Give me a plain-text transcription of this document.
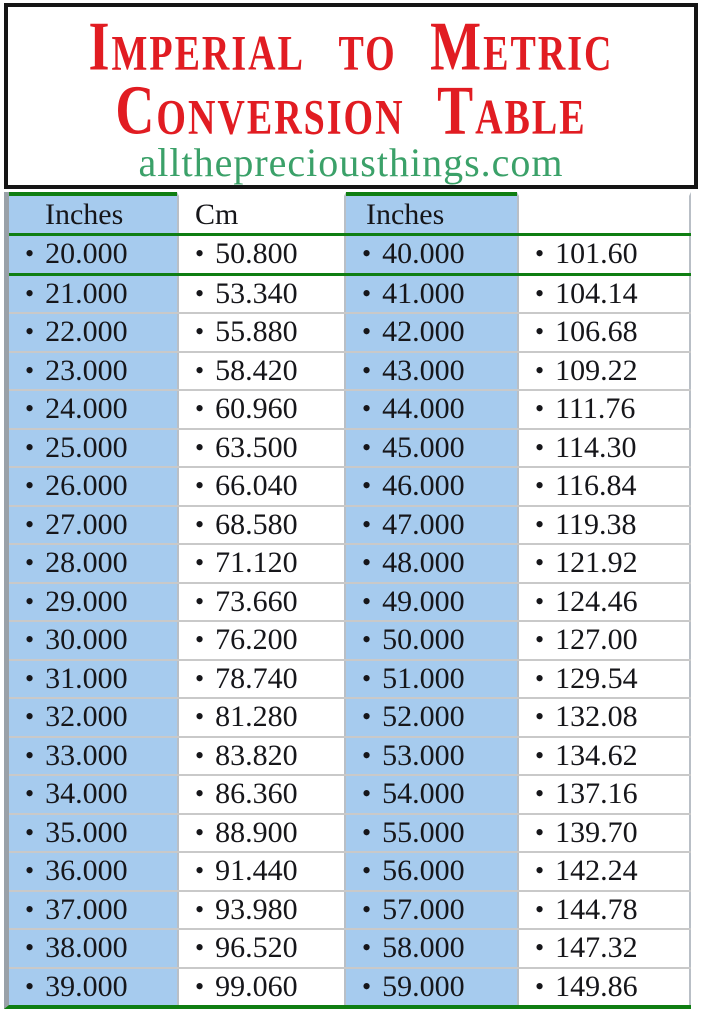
Imperial to Metric
Conversion Table
allthepreciousthings.com
Inches	Cm	Inches
• 20.000	• 50.800 • 40.000	• 101.60
• 21.000	• 53.340 • 41.000	• 104.14
• 22.000	• 55.880 • 42.000	• 106.68
• 23.000	• 58.420 • 43.000	• 109.22
• 24.000	• 60.960 • 44.000	• 111.76
• 25.000	• 63.500 • 45.000	• 114.30
• 26.000	• 66.040 • 46.000	• 116.84
• 27.000	• 68.580 • 47.000	• 119.38
• 28.000	• 71.120 • 48.000	• 121.92
• 29.000	• 73.660 • 49.000	• 124.46
• 30.000	• 76.200 • 50.000	• 127.00
• 31.000	• 78.740 • 51.000	• 129.54
• 32.000	• 81.280 • 52.000	• 132.08
• 33.000	• 83.820 • 53.000	• 134.62
• 34.000	• 86.360 • 54.000	• 137.16
• 35.000	• 88.900 • 55.000	• 139.70
• 36.000	• 91.440 • 56.000	• 142.24
• 37.000	• 93.980 • 57.000	• 144.78
• 38.000	• 96.520 • 58.000	• 147.32
• 39.000	• 99.060 • 59.000	• 149.86
